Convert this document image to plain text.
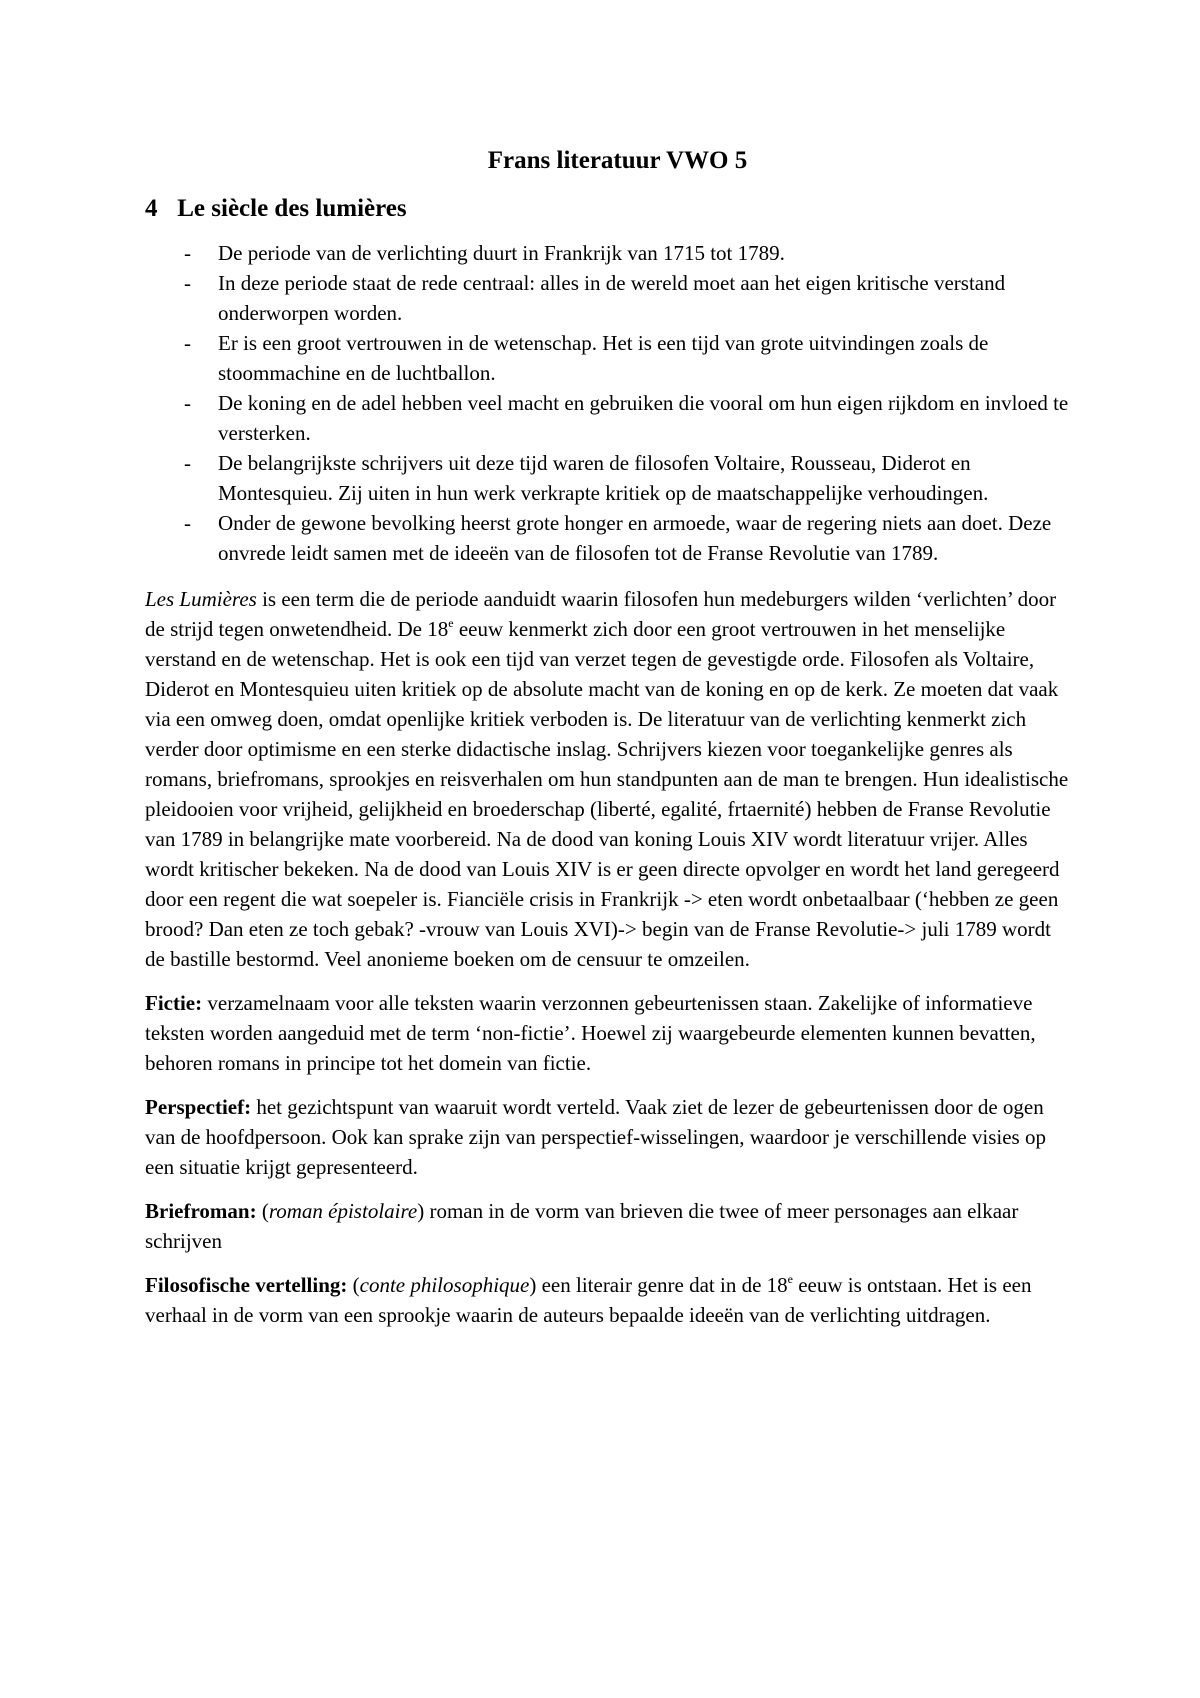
Frans literatuur VWO 5
4 Le siècle des lumières
- De periode van de verlichting duurt in Frankrijk van 1715 tot 1789.
- In deze periode staat de rede centraal: alles in de wereld moet aan het eigen kritische verstand onderworpen worden.
- Er is een groot vertrouwen in de wetenschap. Het is een tijd van grote uitvindingen zoals de stoommachine en de luchtballon.
- De koning en de adel hebben veel macht en gebruiken die vooral om hun eigen rijkdom en invloed te versterken.
- De belangrijkste schrijvers uit deze tijd waren de filosofen Voltaire, Rousseau, Diderot en Montesquieu. Zij uiten in hun werk verkrapte kritiek op de maatschappelijke verhoudingen.
- Onder de gewone bevolking heerst grote honger en armoede, waar de regering niets aan doet. Deze onvrede leidt samen met de ideeën van de filosofen tot de Franse Revolutie van 1789.

Les Lumières is een term die de periode aanduidt waarin filosofen hun medeburgers wilden ‘verlichten’ door de strijd tegen onwetendheid. De 18e eeuw kenmerkt zich door een groot vertrouwen in het menselijke verstand en de wetenschap. Het is ook een tijd van verzet tegen de gevestigde orde. Filosofen als Voltaire, Diderot en Montesquieu uiten kritiek op de absolute macht van de koning en op de kerk. Ze moeten dat vaak via een omweg doen, omdat openlijke kritiek verboden is. De literatuur van de verlichting kenmerkt zich verder door optimisme en een sterke didactische inslag. Schrijvers kiezen voor toegankelijke genres als romans, briefromans, sprookjes en reisverhalen om hun standpunten aan de man te brengen. Hun idealistische pleidooien voor vrijheid, gelijkheid en broederschap (liberté, egalité, frtaernité) hebben de Franse Revolutie van 1789 in belangrijke mate voorbereid. Na de dood van koning Louis XIV wordt literatuur vrijer. Alles wordt kritischer bekeken. Na de dood van Louis XIV is er geen directe opvolger en wordt het land geregeerd door een regent die wat soepeler is. Fianciële crisis in Frankrijk -> eten wordt onbetaalbaar (‘hebben ze geen brood? Dan eten ze toch gebak? -vrouw van Louis XVI)-> begin van de Franse Revolutie-> juli 1789 wordt de bastille bestormd. Veel anonieme boeken om de censuur te omzeilen.

Fictie: verzamelnaam voor alle teksten waarin verzonnen gebeurtenissen staan. Zakelijke of informatieve teksten worden aangeduid met de term ‘non-fictie’. Hoewel zij waargebeurde elementen kunnen bevatten, behoren romans in principe tot het domein van fictie.

Perspectief: het gezichtspunt van waaruit wordt verteld. Vaak ziet de lezer de gebeurtenissen door de ogen van de hoofdpersoon. Ook kan sprake zijn van perspectief-wisselingen, waardoor je verschillende visies op een situatie krijgt gepresenteerd.

Briefroman: (roman épistolaire) roman in de vorm van brieven die twee of meer personages aan elkaar schrijven

Filosofische vertelling: (conte philosophique) een literair genre dat in de 18e eeuw is ontstaan. Het is een verhaal in de vorm van een sprookje waarin de auteurs bepaalde ideeën van de verlichting uitdragen.
